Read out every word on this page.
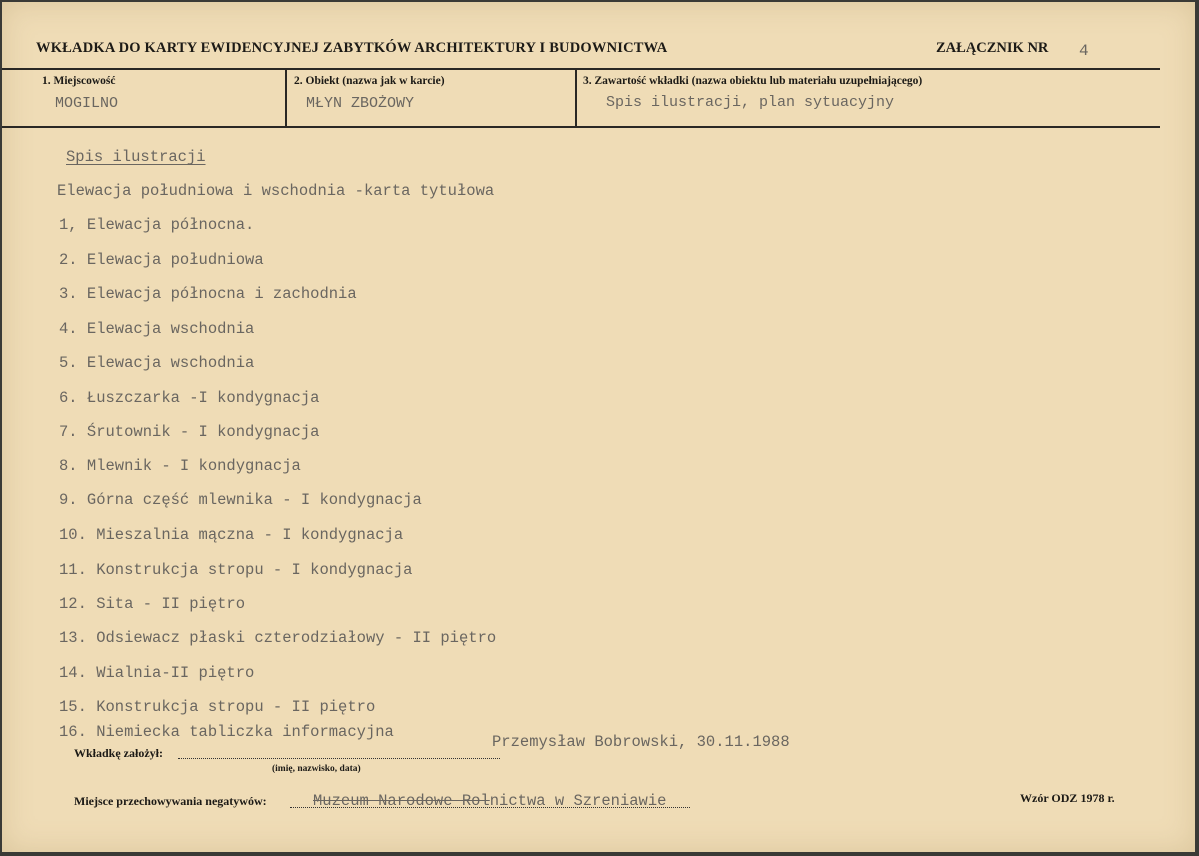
WKŁADKA DO KARTY EWIDENCYJNEJ ZABYTKÓW ARCHITEKTURY I BUDOWNICTWA	ZAŁĄCZNIK NR 4
1. Miejscowość
MOGILNO
2. Obiekt (nazwa jak w karcie)
MŁYN ZBOŻOWY
3. Zawartość wkładki (nazwa obiektu lub materiału uzupełniającego)
Spis ilustracji, plan sytuacyjny
Spis ilustracji
Elewacja południowa i wschodnia -karta tytułowa
1, Elewacja północna.
2. Elewacja południowa
3. Elewacja północna i zachodnia
4. Elewacja wschodnia
5. Elewacja wschodnia
6. Łuszczarka -I kondygnacja
7. Śrutownik - I kondygnacja
8. Mlewnik - I kondygnacja
9. Górna część mlewnika - I kondygnacja
10. Mieszalnia mączna - I kondygnacja
11. Konstrukcja stropu - I kondygnacja
12. Sita - II piętro
13. Odsiewacz płaski czterodziałowy - II piętro
14. Wialnia-II piętro
15. Konstrukcja stropu - II piętro
16. Niemiecka tabliczka informacyjna
Wkładkę założył:
Przemysław Bobrowski, 30.11.1988
(imię, nazwisko, data)
Miejsce przechowywania negatywów:	Muzeum Narodowe Rolnictwa w Szreniawie	Wzór ODZ 1978 r.
